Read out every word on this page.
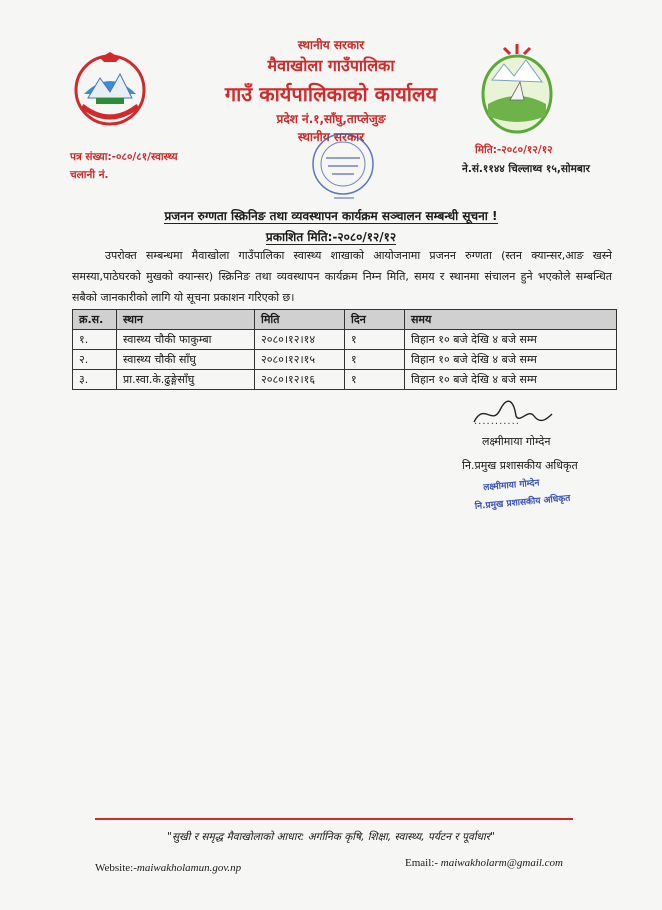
स्थानीय सरकार
मैवाखोला गाउँपालिका
गाउँ कार्यपालिकाको कार्यालय
प्रदेश नं.१,साँघु,ताप्लेजुङ
स्थानीय सरकार
पत्र संख्या:-०८०/८१/स्वास्थ्य
चलानी नं.
मिति:-२०८०/१२/१२
ने.सं.११४४ चिल्लाथ्व १५,सोमबार
प्रजनन रुग्णता स्क्रिनिङ तथा व्यवस्थापन कार्यक्रम सञ्चालन सम्बन्धी सूचना !
प्रकाशित मिति:-२०८०/१२/१२

   उपरोक्त सम्बन्धमा मैवाखोला गाउँपालिका स्वास्थ्य शाखाको आयोजनामा प्रजनन रुग्णता (स्तन क्यान्सर,आङ खस्ने समस्या,पाठेघरको मुखको क्यान्सर) स्क्रिनिङ तथा व्यवस्थापन कार्यक्रम निम्न मिति, समय र स्थानमा संचालन हुने भएकोले सम्बन्धित सबैको जानकारीको लागि यो सूचना प्रकाशन गरिएको छ।

क्र.स.	स्थान	मिति	दिन	समय
१.	स्वास्थ्य चौकी फाकुम्बा	२०८०।१२।१४	१	विहान १० बजे देखि ४ बजे सम्म
२.	स्वास्थ्य चौकी साँघु	२०८०।१२।१५	१	विहान १० बजे देखि ४ बजे सम्म
३.	प्रा.स्वा.के.ढुङ्गेसाँघु	२०८०।१२।१६	१	विहान १० बजे देखि ४ बजे सम्म
...........
लक्ष्मीमाया गोम्देन
नि.प्रमुख प्रशासकीय अधिकृत
लक्ष्मीमाया गोम्देन
नि.प्रमुख प्रशासकीय अधिकृत
"सुखी र समृद्ध मैवाखोलाको आधार: अर्गानिक कृषि, शिक्षा, स्वास्थ्य, पर्यटन र पूर्वाधार"
Website:-maiwakholamun.gov.np	Email:- maiwakholarm@gmail.com
